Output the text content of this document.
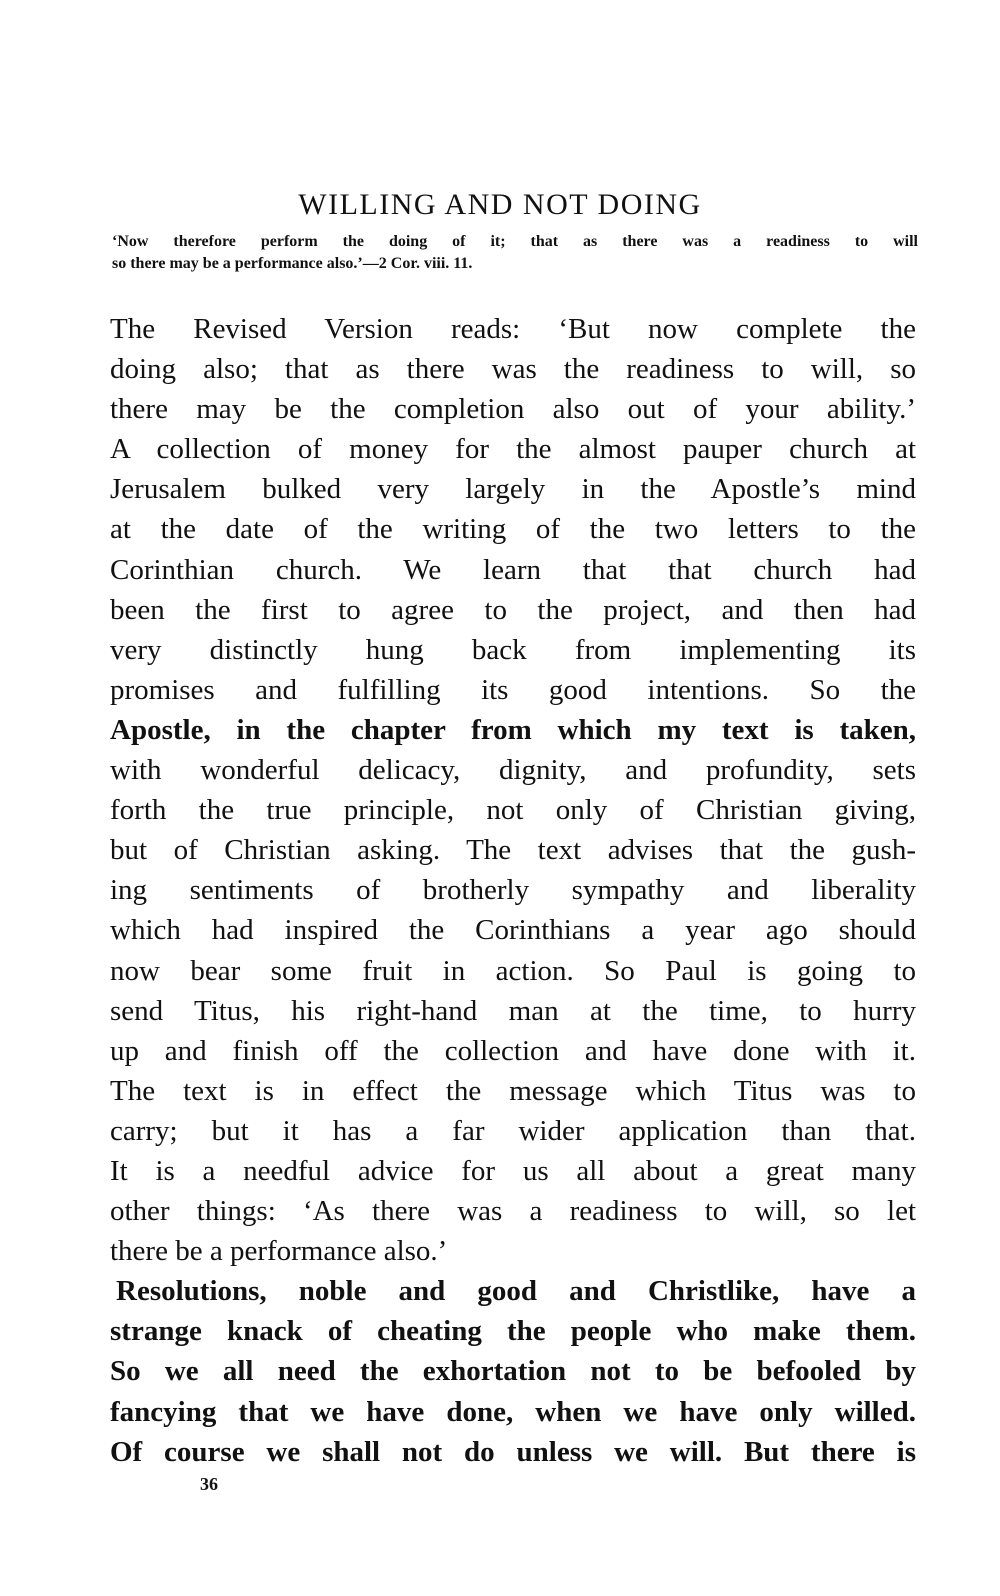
WILLING AND NOT DOING
‘Now therefore perform the doing of it; that as there was a readiness to will
so there may be a performance also.’—2 Cor. viii. 11.
The Revised Version reads: ‘But now complete the
doing also; that as there was the readiness to will, so
there may be the completion also out of your ability.’
A collection of money for the almost pauper church at
Jerusalem bulked very largely in the Apostle’s mind
at the date of the writing of the two letters to the
Corinthian church. We learn that that church had
been the first to agree to the project, and then had
very distinctly hung back from implementing its
promises and fulfilling its good intentions. So the
Apostle, in the chapter from which my text is taken,
with wonderful delicacy, dignity, and profundity, sets
forth the true principle, not only of Christian giving,
but of Christian asking. The text advises that the gush-
ing sentiments of brotherly sympathy and liberality
which had inspired the Corinthians a year ago should
now bear some fruit in action. So Paul is going to
send Titus, his right-hand man at the time, to hurry
up and finish off the collection and have done with it.
The text is in effect the message which Titus was to
carry; but it has a far wider application than that.
It is a needful advice for us all about a great many
other things: ‘As there was a readiness to will, so let
there be a performance also.’
Resolutions, noble and good and Christlike, have a
strange knack of cheating the people who make them.
So we all need the exhortation not to be befooled by
fancying that we have done, when we have only willed.
Of course we shall not do unless we will. But there is
36
